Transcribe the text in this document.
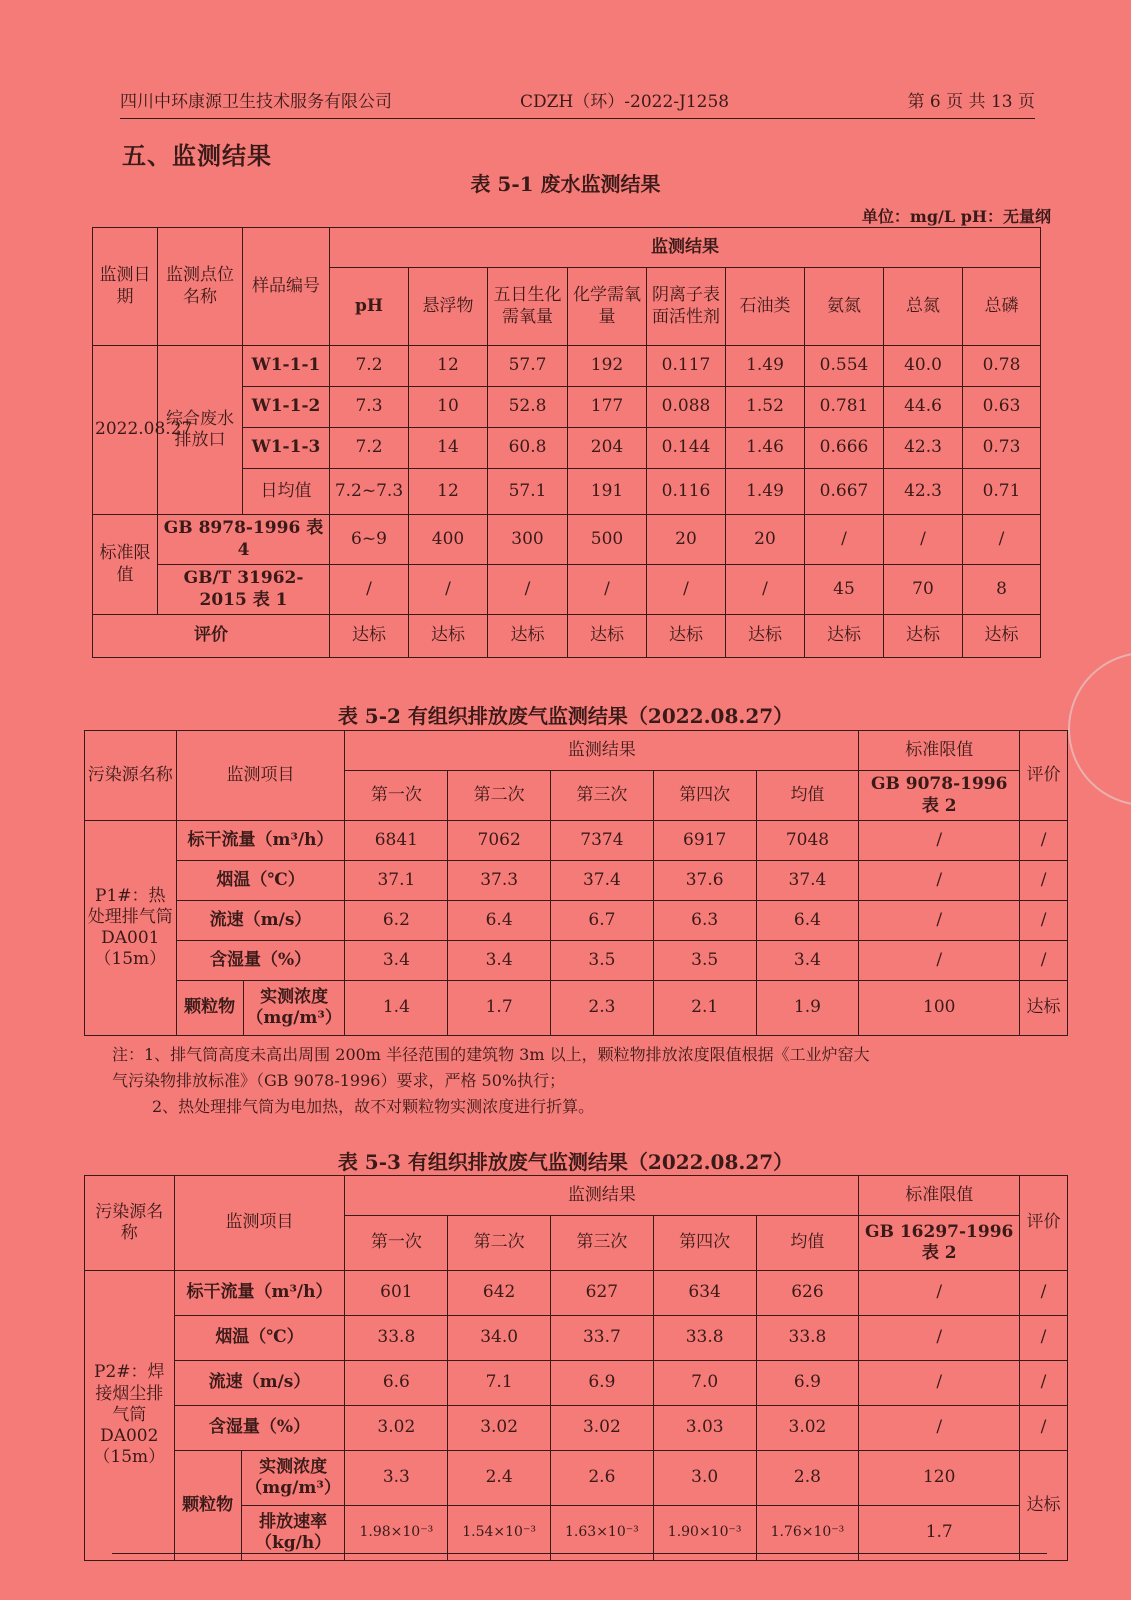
四川中环康源卫生技术服务有限公司	CDZH（环）-2022-J1258	第 6 页 共 13 页
五、监测结果
表 5-1 废水监测结果
单位：mg/L pH：无量纲
监测日期	监测点位名称	样品编号	监测结果								
			pH	悬浮物	五日生化需氧量	化学需氧量	阴离子表面活性剂	石油类	氨氮	总氮	总磷
2022.08.27	综合废水排放口	W1-1-1	7.2	12	57.7	192	0.117	1.49	0.554	40.0	0.78
		W1-1-2	7.3	10	52.8	177	0.088	1.52	0.781	44.6	0.63
		W1-1-3	7.2	14	60.8	204	0.144	1.46	0.666	42.3	0.73
		日均值	7.2~7.3	12	57.1	191	0.116	1.49	0.667	42.3	0.71
标准限值	GB 8978-1996 表 4		6~9	400	300	500	20	20	/	/	/
	GB/T 31962-2015 表 1		/	/	/	/	/	/	45	70	8
评价			达标	达标	达标	达标	达标	达标	达标	达标	达标
表 5-2 有组织排放废气监测结果（2022.08.27）
污染源名称	监测项目		监测结果					标准限值	评价
			第一次	第二次	第三次	第四次	均值	GB 9078-1996 表 2	
P1#：热处理排气筒 DA001（15m）	标干流量（m³/h）		6841	7062	7374	6917	7048	/	/
	烟温（℃）		37.1	37.3	37.4	37.6	37.4	/	/
	流速（m/s）		6.2	6.4	6.7	6.3	6.4	/	/
	含湿量（%）		3.4	3.4	3.5	3.5	3.4	/	/
	颗粒物	实测浓度（mg/m³）	1.4	1.7	2.3	2.1	1.9	100	达标
注：1、排气筒高度未高出周围 200m 半径范围的建筑物 3m 以上，颗粒物排放浓度限值根据《工业炉窑大
气污染物排放标准》（GB 9078-1996）要求，严格 50%执行；
2、热处理排气筒为电加热，故不对颗粒物实测浓度进行折算。
表 5-3 有组织排放废气监测结果（2022.08.27）
污染源名称	监测项目		监测结果					标准限值	评价
			第一次	第二次	第三次	第四次	均值	GB 16297-1996 表 2	
P2#：焊接烟尘排气筒 DA002（15m）	标干流量（m³/h）		601	642	627	634	626	/	/
	烟温（℃）		33.8	34.0	33.7	33.8	33.8	/	/
	流速（m/s）		6.6	7.1	6.9	7.0	6.9	/	/
	含湿量（%）		3.02	3.02	3.02	3.03	3.02	/	/
	颗粒物	实测浓度（mg/m³）	3.3	2.4	2.6	3.0	2.8	120	达标
		排放速率（kg/h）	1.98×10⁻³	1.54×10⁻³	1.63×10⁻³	1.90×10⁻³	1.76×10⁻³	1.7	
